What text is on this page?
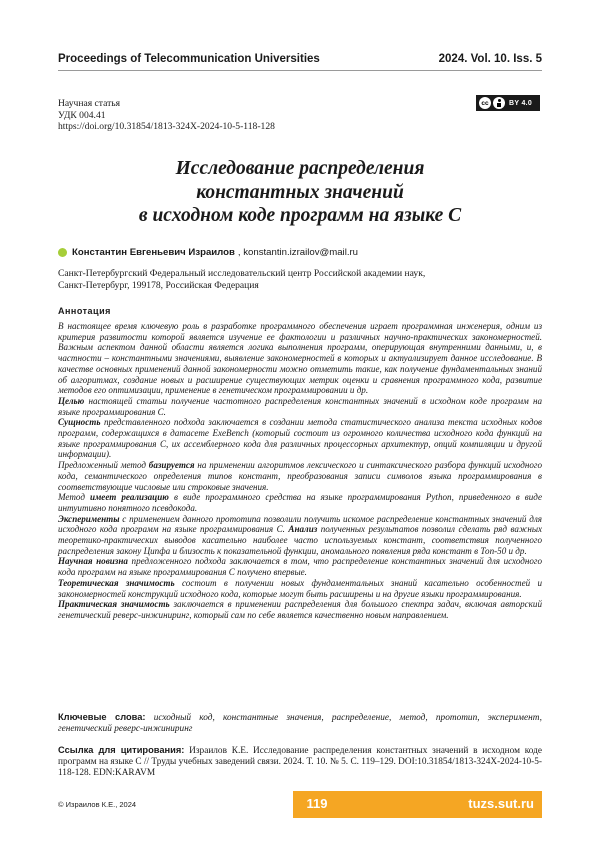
Proceedings of Telecommunication Universities	2024. Vol. 10. Iss. 5
Научная статья
УДК 004.41
https://doi.org/10.31854/1813-324X-2024-10-5-118-128
cc	BY 4.0
Исследование распределения
константных значений
в исходном коде программ на языке С
Константин Евгеньевич Израилов , konstantin.izrailov@mail.ru
Санкт-Петербургский Федеральный исследовательский центр Российской академии наук,
Санкт-Петербург, 199178, Российская Федерация
Аннотация

В настоящее время ключевую роль в разработке программного обеспечения играет программная инженерия, одним из критерия развитости которой является изучение ее фактологии и различных научно-практических закономерностей. Важным аспектом данной области является логика выполнения программ, оперирующая внутренними данными, и, в частности – константными значениями, выявление закономерностей в которых и актуализирует данное исследование. В качестве основных применений данной закономерности можно отметить такие, как получение фундаментальных знаний об алгоритмах, создание новых и расширение существующих метрик оценки и сравнения программного кода, развитие методов его оптимизации, применение в генетическом программировании и др.

Целью настоящей статьи получение частотного распределения константных значений в исходном коде программ на языке программирования С.

Сущность представленного подхода заключается в создании метода статистического анализа текста исходных кодов программ, содержащихся в датасете ExeBench (который состоит из огромного количества исходного кода функций на языке программирования С, их ассемблерного кода для различных процессорных архитектур, опций компиляции и другой информации).

Предложенный метод базируется на применении алгоритмов лексического и синтаксического разбора функций исходного кода, семантического определения типов констант, преобразования записи символов языка программирования в соответствующие числовые или строковые значения.

Метод имеет реализацию в виде программного средства на языке программирования Python, приведенного в виде интуитивно понятного псевдокода.

Эксперименты с применением данного прототипа позволили получить искомое распределение константных значений для исходного кода программ на языке программирования С. Анализ полученных результатов позволил сделать ряд важных теоретико-практических выводов касательно наиболее часто используемых констант, соответствия полученного распределения закону Ципфа и близость к показательной функции, аномального появления ряда констант в Топ-50 и др.

Научная новизна предложенного подхода заключается в том, что распределение константных значений для исходного кода программ на языке программирования С получено впервые.

Теоретическая значимость состоит в получении новых фундаментальных знаний касательно особенностей и закономерностей конструкций исходного кода, которые могут быть расширены и на другие языки программирования.

Практическая значимость заключается в применении распределения для большого спектра задач, включая авторский генетический реверс-инжиниринг, который сам по себе является качественно новым направлением.

Ключевые слова: исходный код, константные значения, распределение, метод, прототип, эксперимент, генетический реверс-инжиниринг
Ссылка для цитирования: Израилов К.Е. Исследование распределения константных значений в исходном коде программ на языке С // Труды учебных заведений связи. 2024. Т. 10. № 5. С. 119–129. DOI:10.31854/1813-324X-2024-10-5-118-128. EDN:KARAVM
© Израилов К.Е., 2024	119	tuzs.sut.ru
